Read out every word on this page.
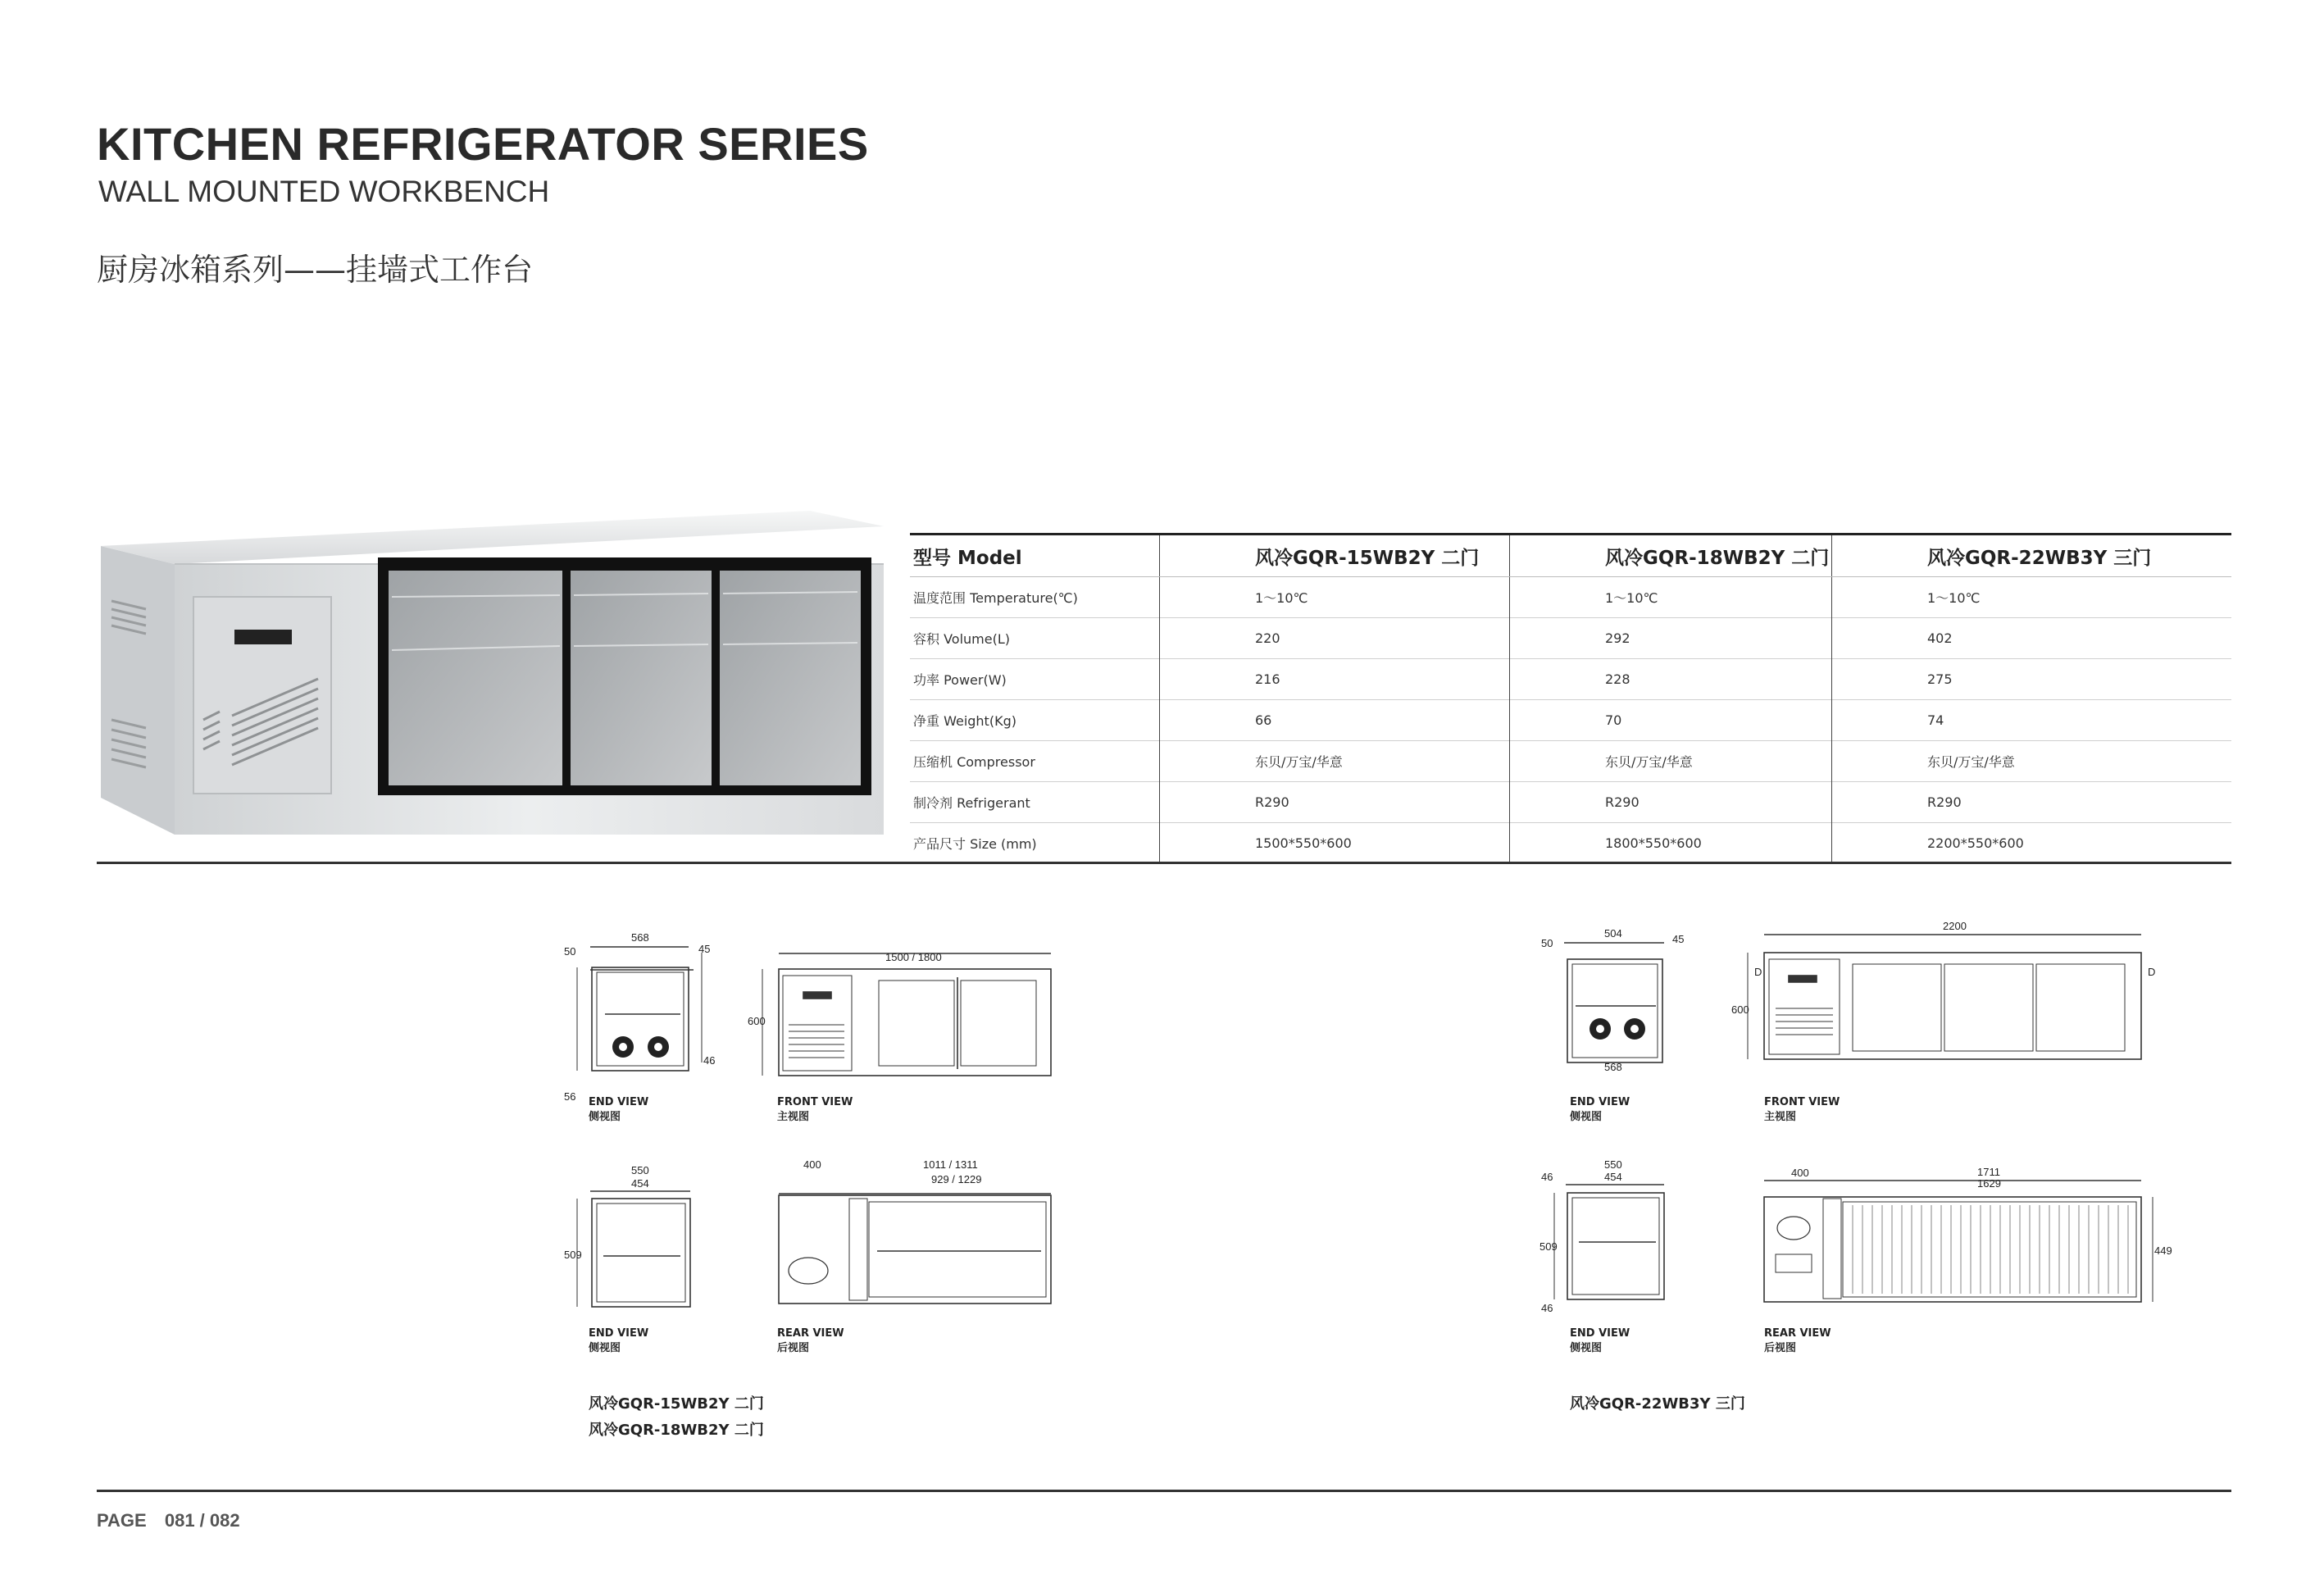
KITCHEN REFRIGERATOR SERIES
WALL MOUNTED WORKBENCH
厨房冰箱系列——挂墙式工作台
型号 Model	风冷GQR-15WB2Y 二门	风冷GQR-18WB2Y 二门	风冷GQR-22WB3Y 三门
温度范围 Temperature(℃)	1～10℃	1～10℃	1～10℃
容积 Volume(L)	220	292	402
功率 Power(W)	216	228	275
净重 Weight(Kg)	66	70	74
压缩机 Compressor	东贝/万宝/华意	东贝/万宝/华意	东贝/万宝/华意
制冷剂 Refrigerant	R290	R290	R290
产品尺寸 Size (mm)	1500*550*600	1800*550*600	2200*550*600
568
50	45
46
56
1500 / 1800
600
550
454
509
400	1011 / 1311
929 / 1229
504
50	45
568
2200
600
D	D
550
454
46
509
46
400	1711
1629
449
END VIEW
侧视图
FRONT VIEW
主视图
END VIEW
侧视图
REAR VIEW
后视图
END VIEW
侧视图
FRONT VIEW
主视图
END VIEW
侧视图
REAR VIEW
后视图
风冷GQR-15WB2Y 二门
风冷GQR-18WB2Y 二门
风冷GQR-22WB3Y 三门
PAGE 081 / 082
